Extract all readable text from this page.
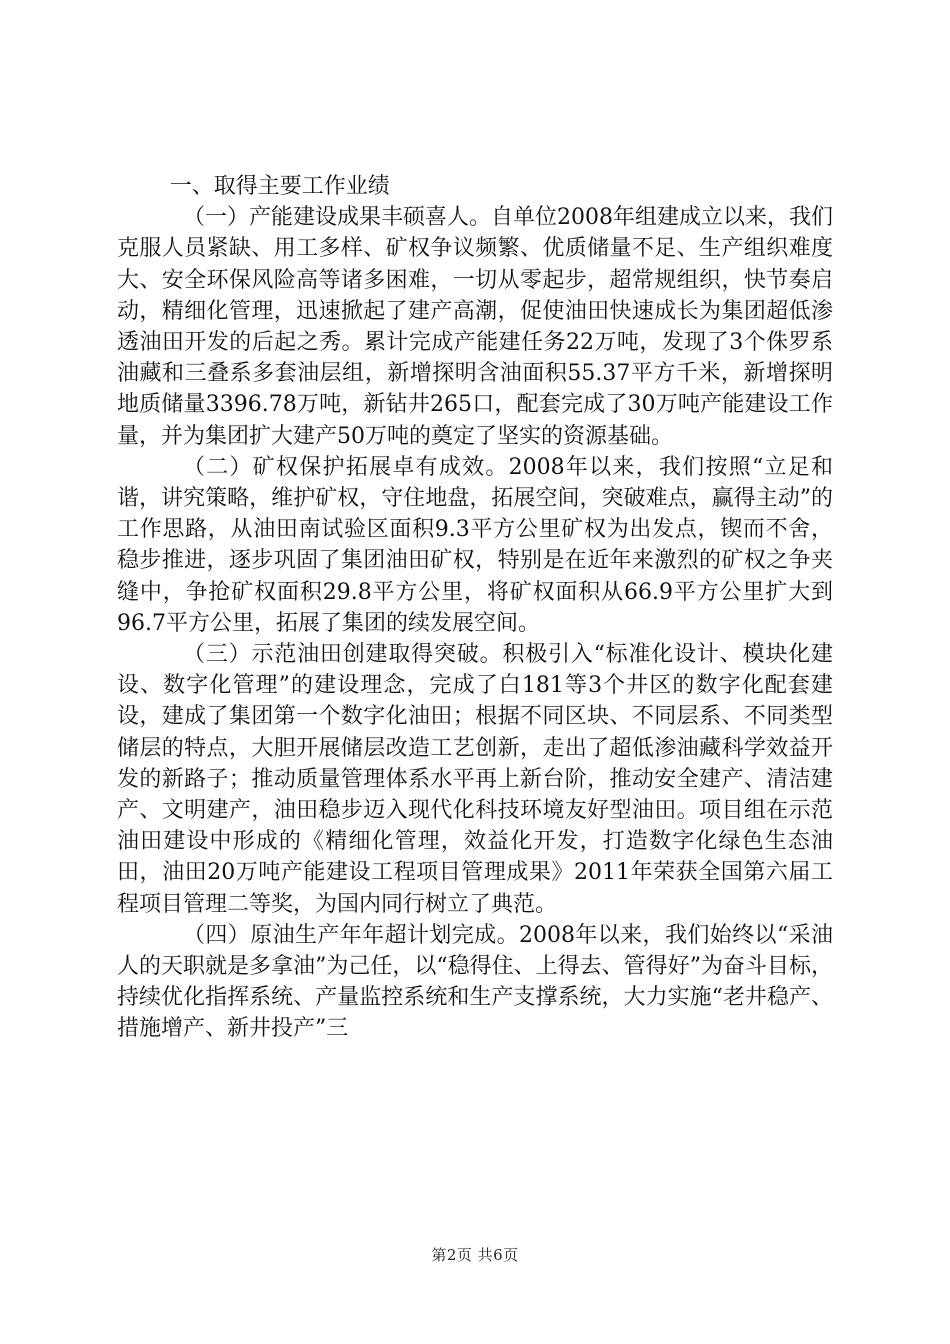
一、取得主要工作业绩

（一）产能建设成果丰硕喜人。自单位2008年组建成立以来，我们克服人员紧缺、用工多样、矿权争议频繁、优质储量不足、生产组织难度大、安全环保风险高等诸多困难，一切从零起步，超常规组织，快节奏启动，精细化管理，迅速掀起了建产高潮，促使油田快速成长为集团超低渗透油田开发的后起之秀。累计完成产能建任务22万吨，发现了3个侏罗系油藏和三叠系多套油层组，新增探明含油面积55.37平方千米，新增探明地质储量3396.78万吨，新钻井265口，配套完成了30万吨产能建设工作量，并为集团扩大建产50万吨的奠定了坚实的资源基础。

（二）矿权保护拓展卓有成效。2008年以来，我们按照“立足和谐，讲究策略，维护矿权，守住地盘，拓展空间，突破难点，赢得主动”的工作思路，从油田南试验区面积9.3平方公里矿权为出发点，锲而不舍，稳步推进，逐步巩固了集团油田矿权，特别是在近年来激烈的矿权之争夹缝中，争抢矿权面积29.8平方公里，将矿权面积从66.9平方公里扩大到96.7平方公里，拓展了集团的续发展空间。

（三）示范油田创建取得突破。积极引入“标准化设计、模块化建设、数字化管理”的建设理念，完成了白181等3个井区的数字化配套建设，建成了集团第一个数字化油田；根据不同区块、不同层系、不同类型储层的特点，大胆开展储层改造工艺创新，走出了超低渗油藏科学效益开发的新路子；推动质量管理体系水平再上新台阶，推动安全建产、清洁建产、文明建产，油田稳步迈入现代化科技环境友好型油田。项目组在示范油田建设中形成的《精细化管理，效益化开发，打造数字化绿色生态油田，油田20万吨产能建设工程项目管理成果》2011年荣获全国第六届工程项目管理二等奖，为国内同行树立了典范。

（四）原油生产年年超计划完成。2008年以来，我们始终以“采油人的天职就是多拿油”为己任，以“稳得住、上得去、管得好”为奋斗目标，持续优化指挥系统、产量监控系统和生产支撑系统，大力实施“老井稳产、措施增产、新井投产”三

第2页 共6页
